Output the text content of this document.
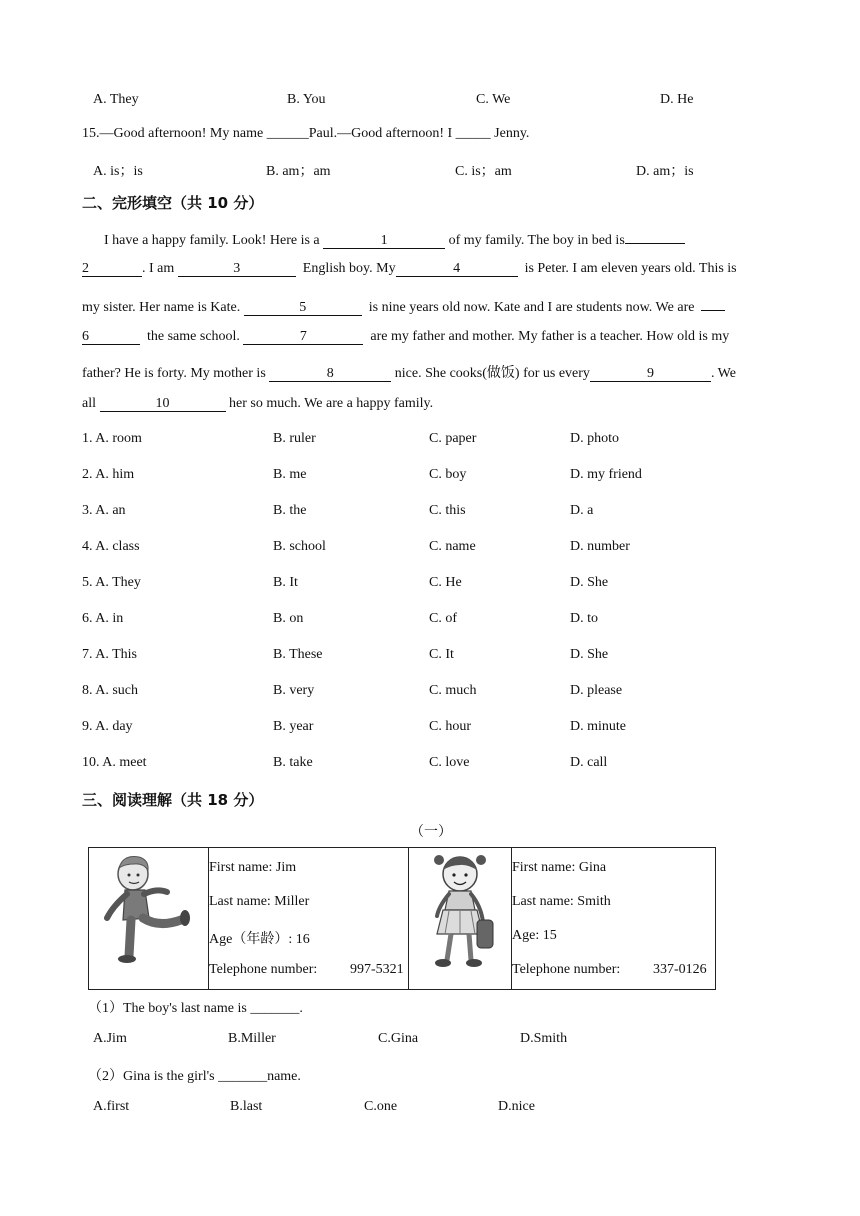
A. They	B. You	C. We	D. He
15.—Good afternoon! My name ______Paul.—Good afternoon! I _____ Jenny.
A. is；is	B. am；am	C. is；am	D. am；is
二、完形填空（共 10 分）
I have a happy family. Look! Here is a	1	of my family. The boy in bed is
2	. I am	3	English boy. My	4	is Peter. I am eleven years old. This is
my sister. Her name is Kate.	5	is nine years old now. Kate and I are students now. We are
6	the same school.	7	are my father and mother. My father is a teacher. How old is my
father? He is forty. My mother is	8	nice. She cooks(做饭) for us every	9	. We
all	10	her so much. We are a happy family.
1. A. room	B. ruler	C. paper	D. photo
2. A. him	B. me	C. boy	D. my friend
3. A. an	B. the	C. this	D. a
4. A. class	B. school	C. name	D. number
5. A. They	B. It	C. He	D. She
6. A. in	B. on	C. of	D. to
7. A. This	B. These	C. It	D. She
8. A. such	B. very	C. much	D. please
9. A. day	B. year	C. hour	D. minute
10. A. meet	B. take	C. love	D. call
三、阅读理解（共 18 分）
（一）

First name: Jim
Last name: Miller
Age（年龄）: 16
Telephone number: 997-5321

First name: Gina
Last name: Smith
Age: 15
Telephone number: 337-0126
（1）The boy's last name is _______.
A.Jim	B.Miller	C.Gina	D.Smith
（2）Gina is the girl's _______name.
A.first	B.last	C.one	D.nice
